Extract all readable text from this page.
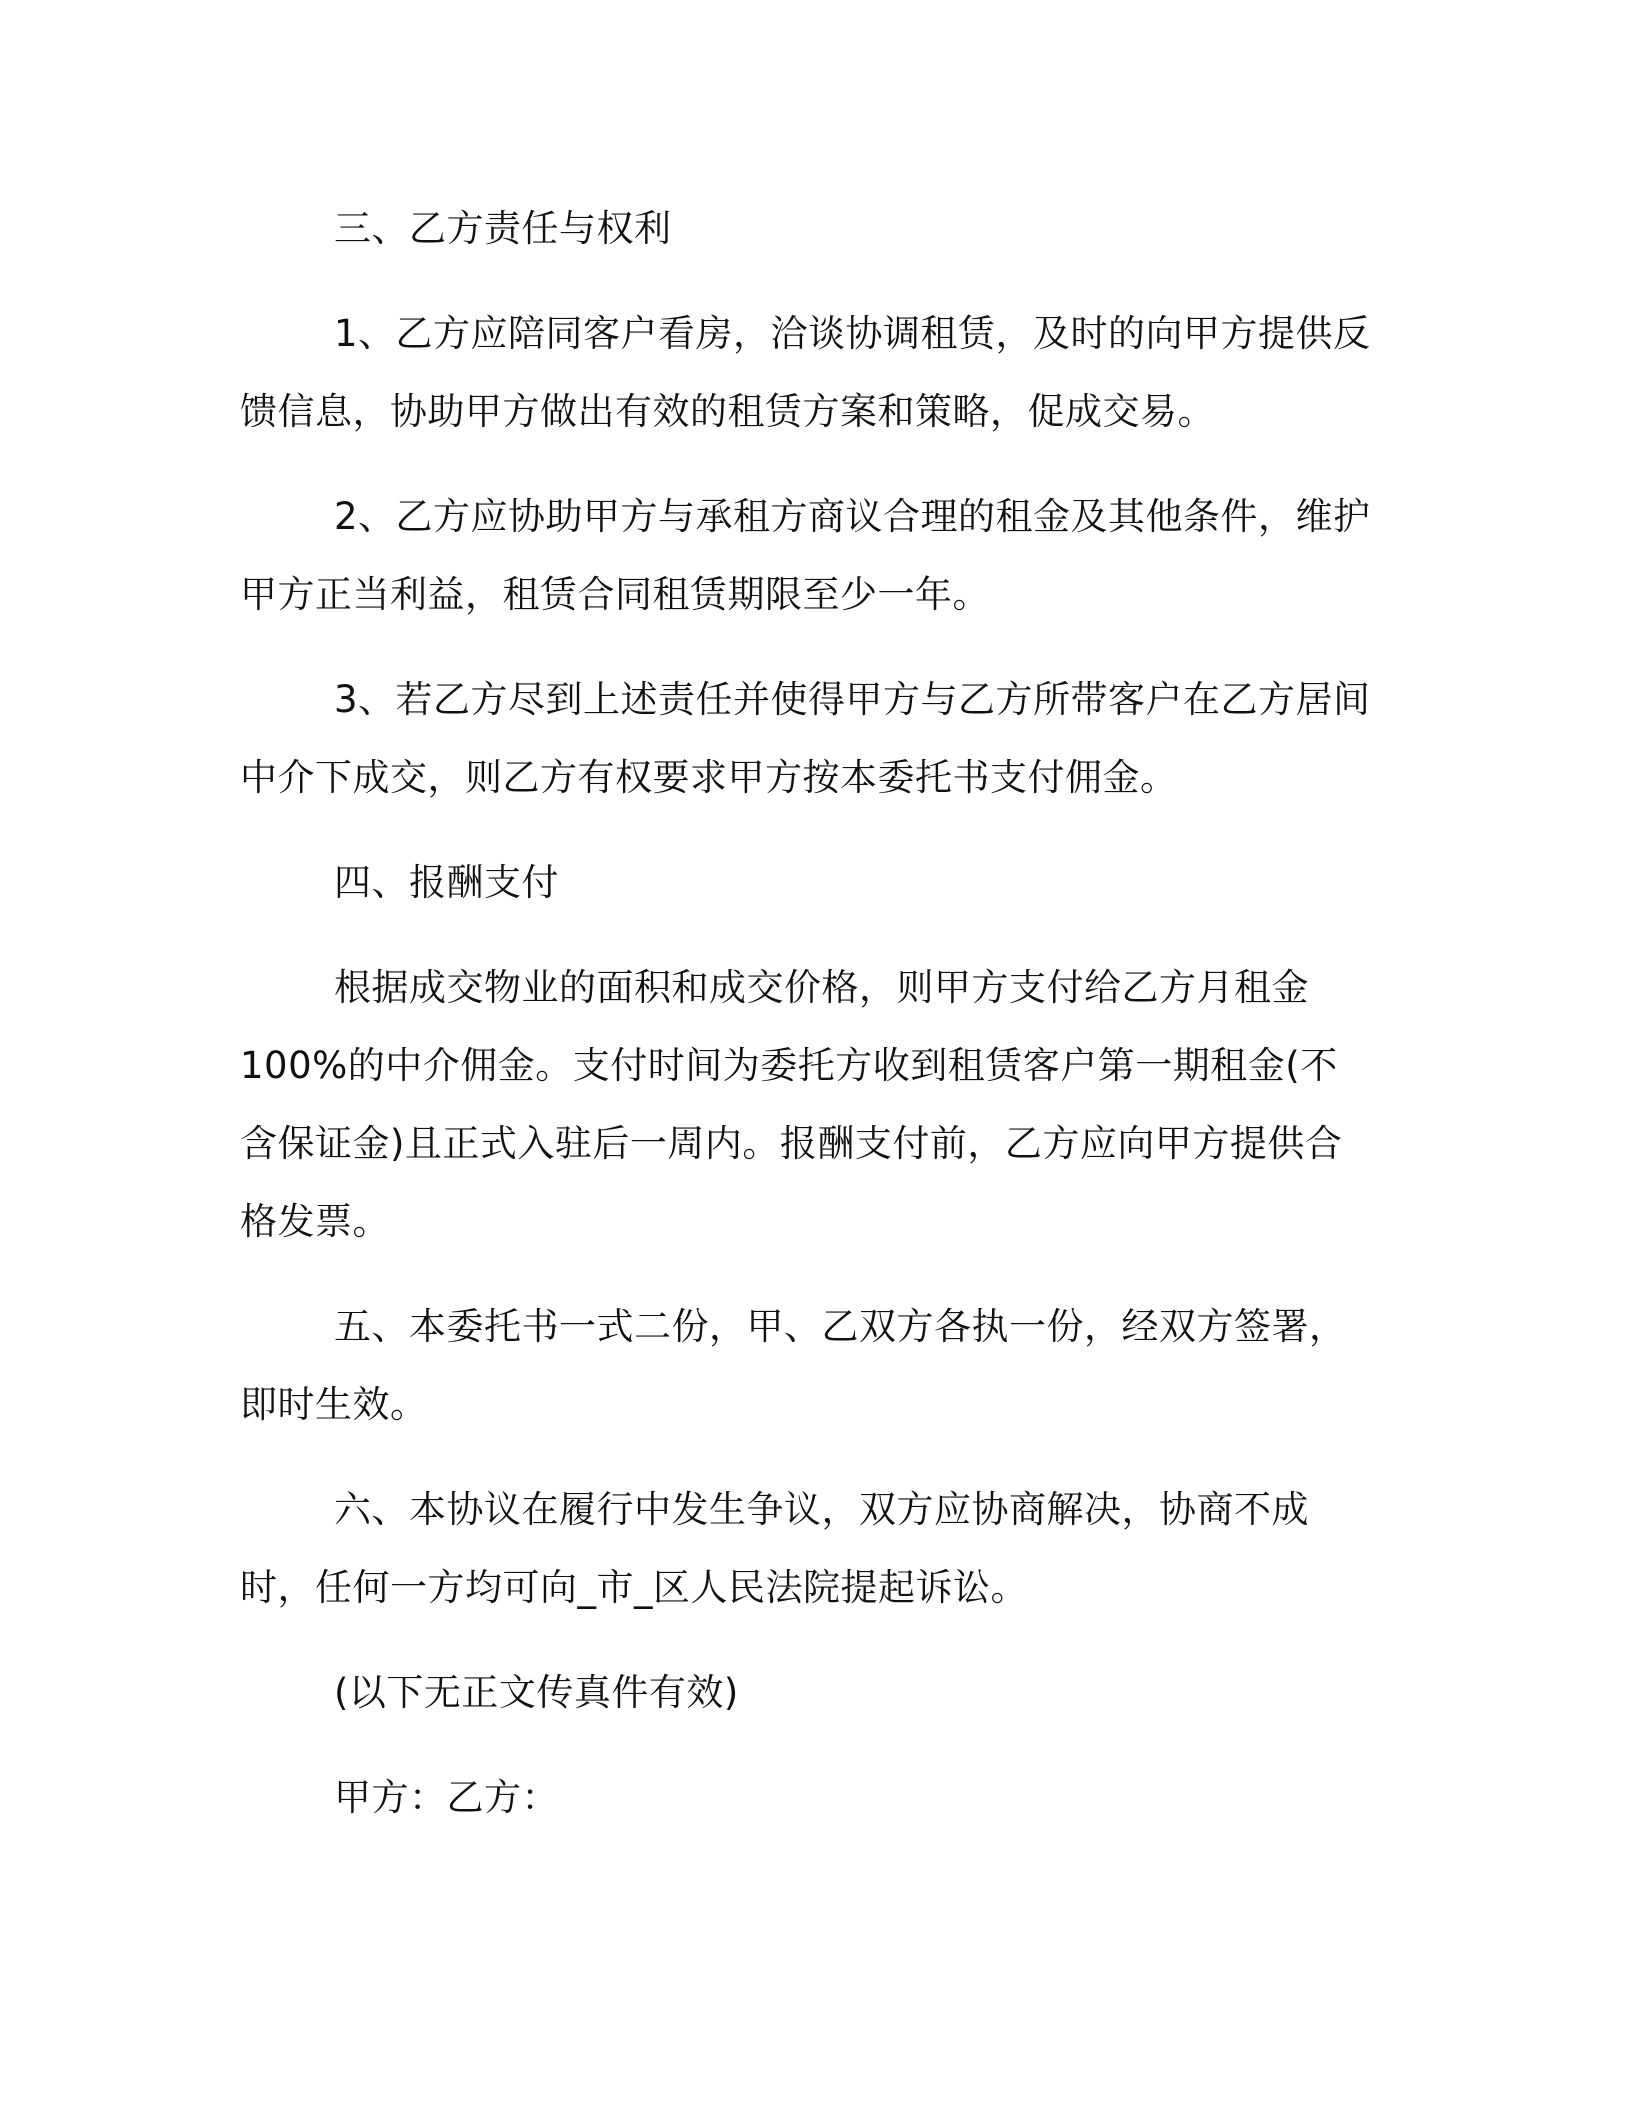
三、乙方责任与权利

1、乙方应陪同客户看房，洽谈协调租赁，及时的向甲方提供反馈信息，协助甲方做出有效的租赁方案和策略，促成交易。

2、乙方应协助甲方与承租方商议合理的租金及其他条件，维护甲方正当利益，租赁合同租赁期限至少一年。

3、若乙方尽到上述责任并使得甲方与乙方所带客户在乙方居间中介下成交，则乙方有权要求甲方按本委托书支付佣金。

四、报酬支付

根据成交物业的面积和成交价格，则甲方支付给乙方月租金100%的中介佣金。支付时间为委托方收到租赁客户第一期租金(不含保证金)且正式入驻后一周内。报酬支付前，乙方应向甲方提供合格发票。

五、本委托书一式二份，甲、乙双方各执一份，经双方签署，即时生效。

六、本协议在履行中发生争议，双方应协商解决，协商不成时，任何一方均可向_市_区人民法院提起诉讼。

(以下无正文传真件有效)

甲方：乙方：
